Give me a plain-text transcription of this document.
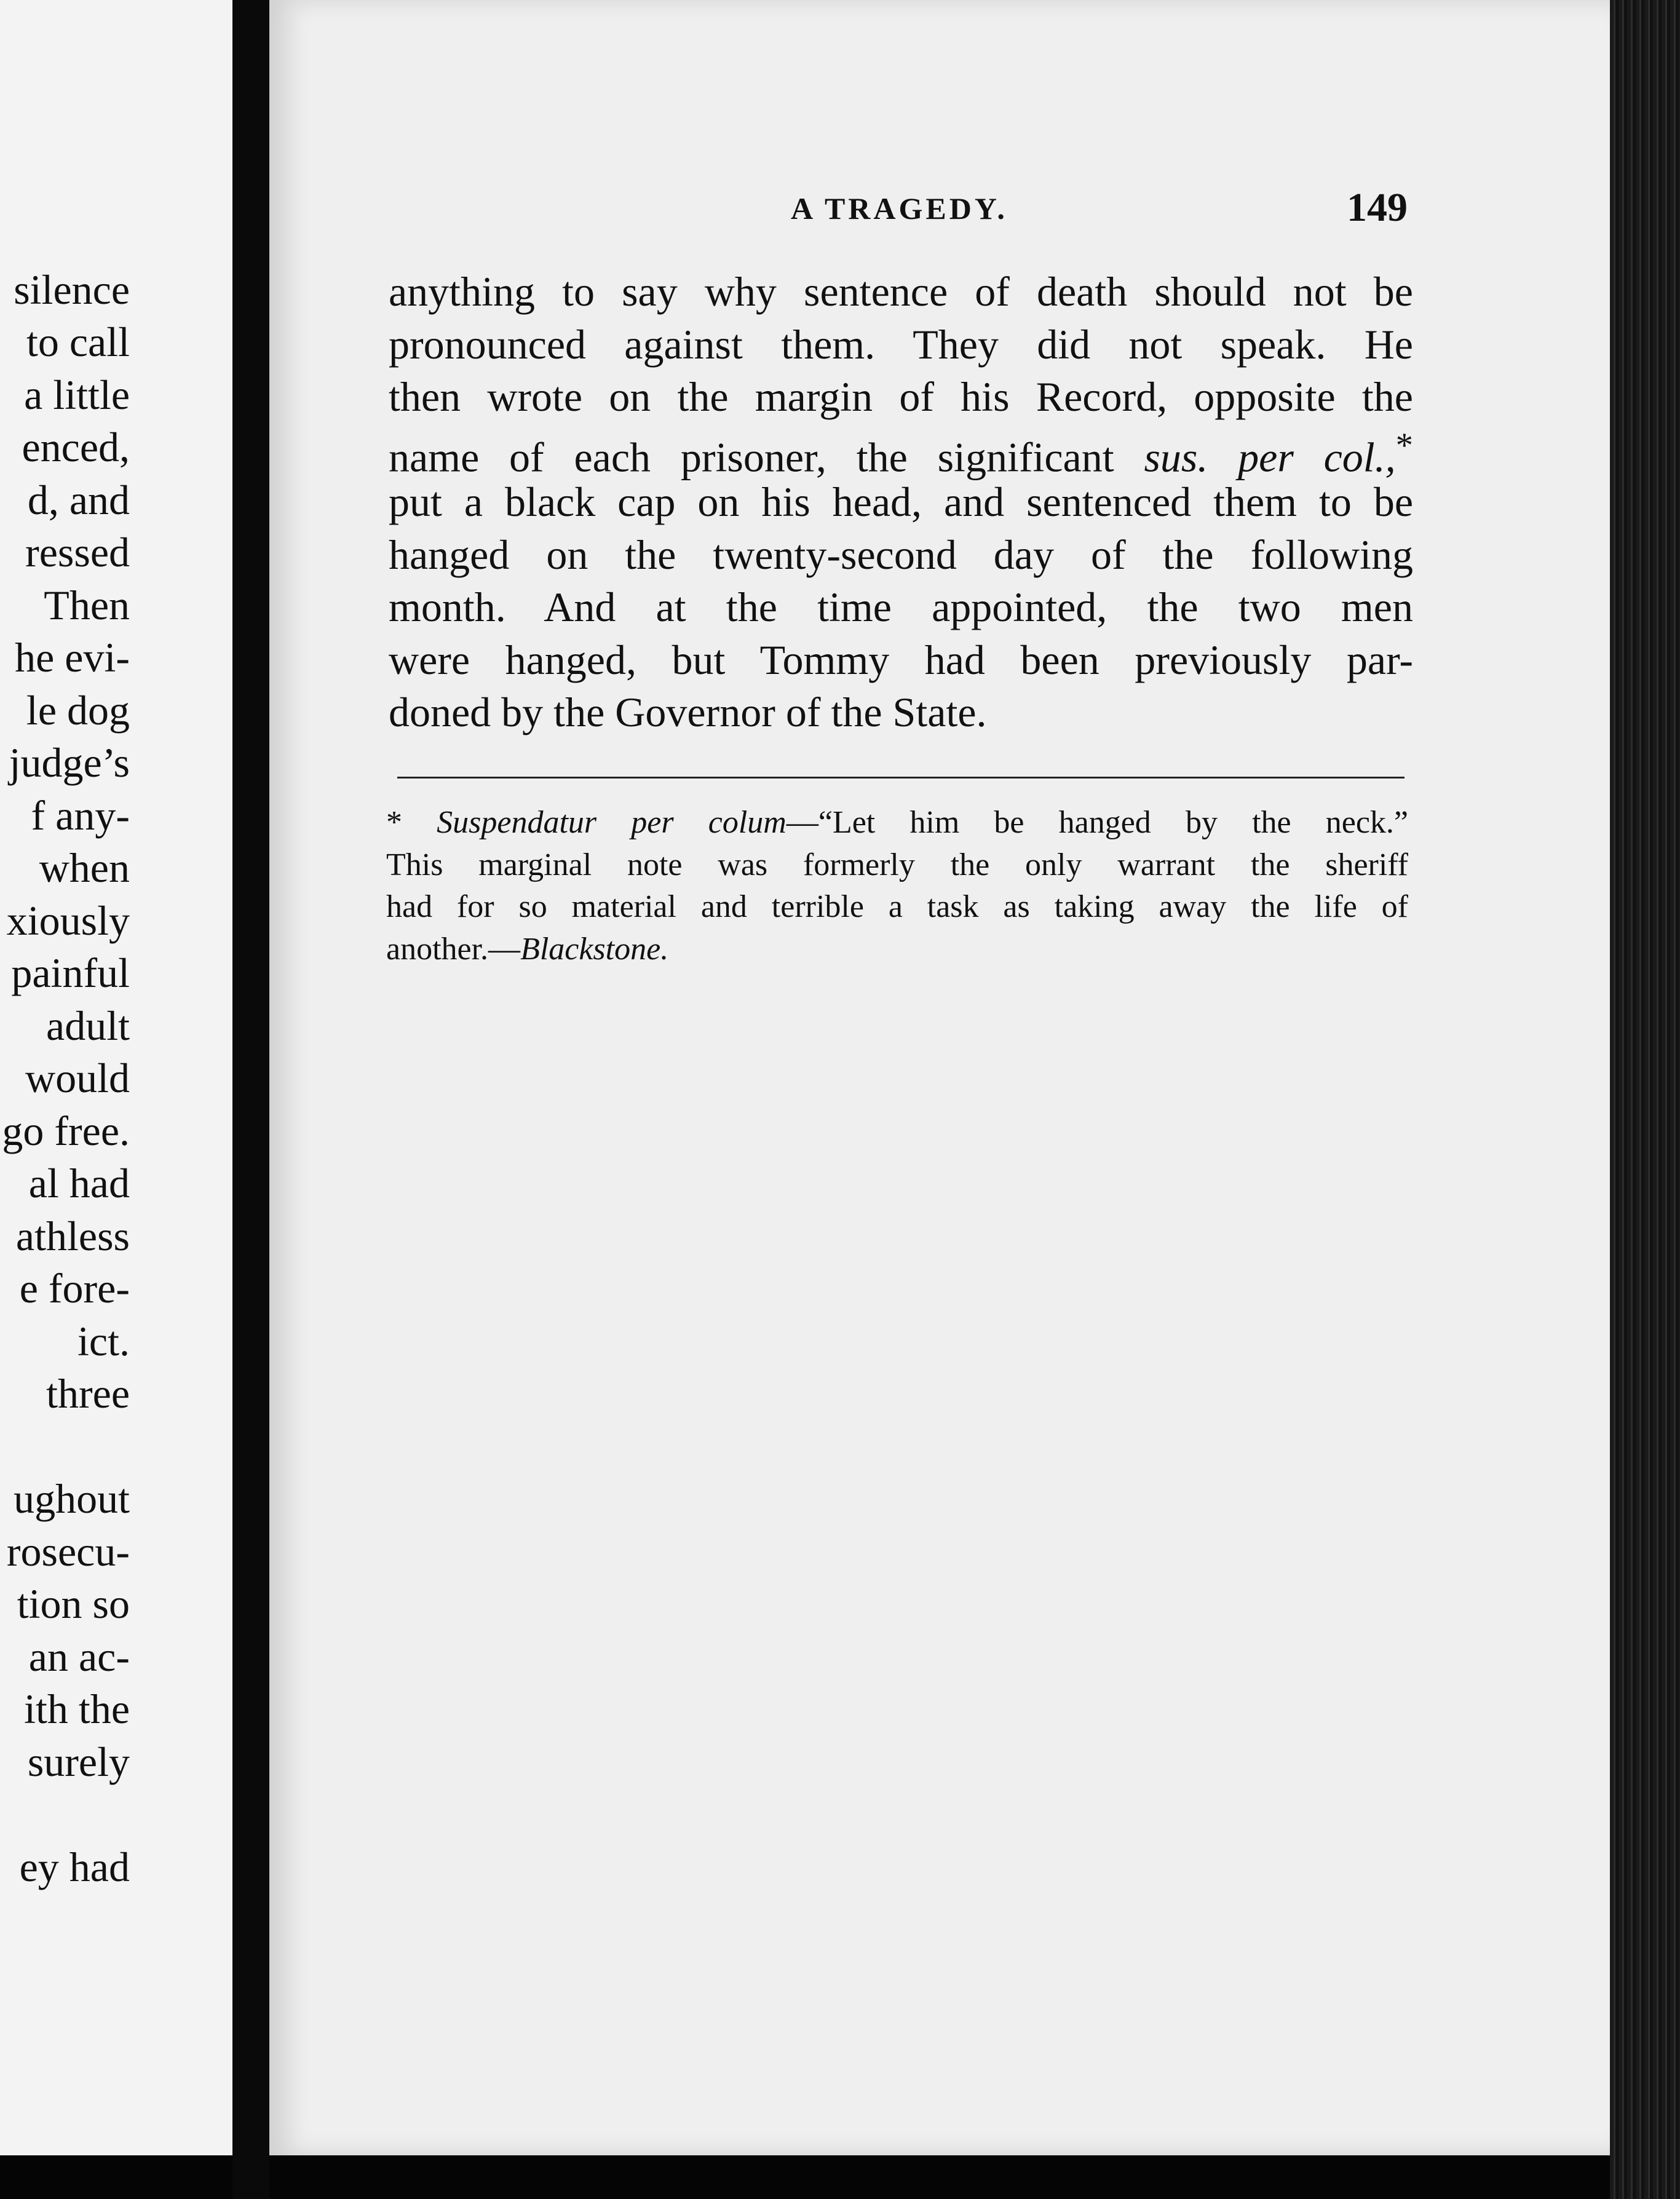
silence

to call

a little

enced,

d, and

ressed

Then

he evi-

le dog

judge’s

f any-

when

xiously

painful

adult

would

go free.

al had

athless

e fore-

ict.

three

ughout

rosecu-

tion so

an ac-

ith the

surely

ey had

A TRAGEDY.	149

anything to say why sentence of death should not be

pronounced against them. They did not speak. He

then wrote on the margin of his Record, opposite the

name of each prisoner, the significant sus. per col.,*

put a black cap on his head, and sentenced them to be

hanged on the twenty-second day of the following

month. And at the time appointed, the two men

were hanged, but Tommy had been previously par-

doned by the Governor of the State.

* Suspendatur per colum—“Let him be hanged by the neck.”

This marginal note was formerly the only warrant the sheriff

had for so material and terrible a task as taking away the life of

another.—Blackstone.
